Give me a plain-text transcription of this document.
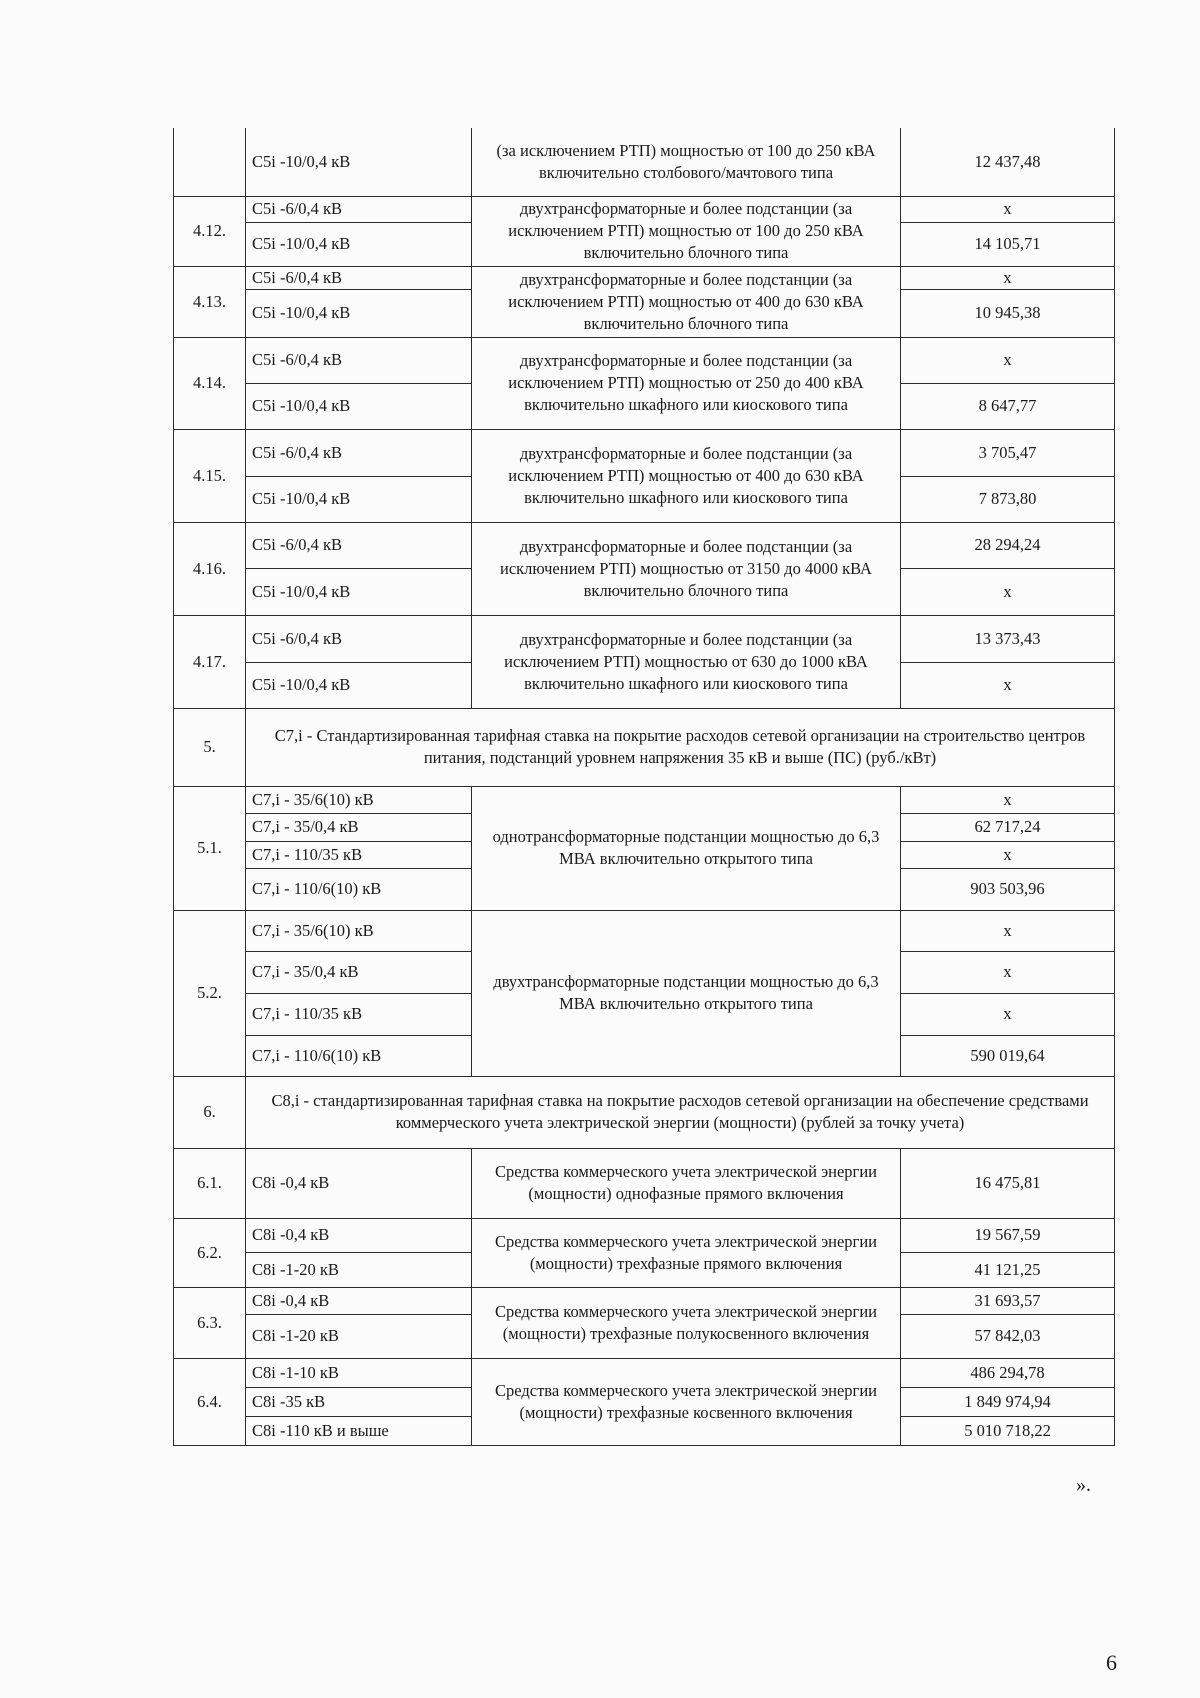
	C5i -10/0,4 кВ	(за исключением РТП) мощностью от 100 до 250 кВА включительно столбового/мачтового типа	12 437,48
4.12.	C5i -6/0,4 кВ	двухтрансформаторные и более подстанции (за исключением РТП) мощностью от 100 до 250 кВА включительно блочного типа	x
	C5i -10/0,4 кВ		14 105,71
4.13.	C5i -6/0,4 кВ	двухтрансформаторные и более подстанции (за исключением РТП) мощностью от 400 до 630 кВА включительно блочного типа	x
	C5i -10/0,4 кВ		10 945,38
4.14.	C5i -6/0,4 кВ	двухтрансформаторные и более подстанции (за исключением РТП) мощностью от 250 до 400 кВА включительно шкафного или киоскового типа	x
	C5i -10/0,4 кВ		8 647,77
4.15.	C5i -6/0,4 кВ	двухтрансформаторные и более подстанции (за исключением РТП) мощностью от 400 до 630 кВА включительно шкафного или киоскового типа	3 705,47
	C5i -10/0,4 кВ		7 873,80
4.16.	C5i -6/0,4 кВ	двухтрансформаторные и более подстанции (за исключением РТП) мощностью от 3150 до 4000 кВА включительно блочного типа	28 294,24
	C5i -10/0,4 кВ		x
4.17.	C5i -6/0,4 кВ	двухтрансформаторные и более подстанции (за исключением РТП) мощностью от 630 до 1000 кВА включительно шкафного или киоскового типа	13 373,43
	C5i -10/0,4 кВ		x
5.	C7,i - Стандартизированная тарифная ставка на покрытие расходов сетевой организации на строительство центров питания, подстанций уровнем напряжения 35 кВ и выше (ПС) (руб./кВт)		
5.1.	C7,i - 35/6(10) кВ	однотрансформаторные подстанции мощностью до 6,3 МВА включительно открытого типа	x
	C7,i - 35/0,4 кВ		62 717,24
	C7,i - 110/35 кВ		x
	C7,i - 110/6(10) кВ		903 503,96
5.2.	C7,i - 35/6(10) кВ	двухтрансформаторные подстанции мощностью до 6,3 МВА включительно открытого типа	x
	C7,i - 35/0,4 кВ		x
	C7,i - 110/35 кВ		x
	C7,i - 110/6(10) кВ		590 019,64
6.	C8,i - стандартизированная тарифная ставка на покрытие расходов сетевой организации на обеспечение средствами коммерческого учета электрической энергии (мощности) (рублей за точку учета)		
6.1.	C8i -0,4 кВ	Средства коммерческого учета электрической энергии (мощности) однофазные прямого включения	16 475,81
6.2.	C8i -0,4 кВ	Средства коммерческого учета электрической энергии (мощности) трехфазные прямого включения	19 567,59
	C8i -1-20 кВ		41 121,25
6.3.	C8i -0,4 кВ	Средства коммерческого учета электрической энергии (мощности) трехфазные полукосвенного включения	31 693,57
	C8i -1-20 кВ		57 842,03
6.4.	C8i -1-10 кВ	Средства коммерческого учета электрической энергии (мощности) трехфазные косвенного включения	486 294,78
	C8i -35 кВ		1 849 974,94
	C8i -110 кВ и выше		5 010 718,22
».
6
